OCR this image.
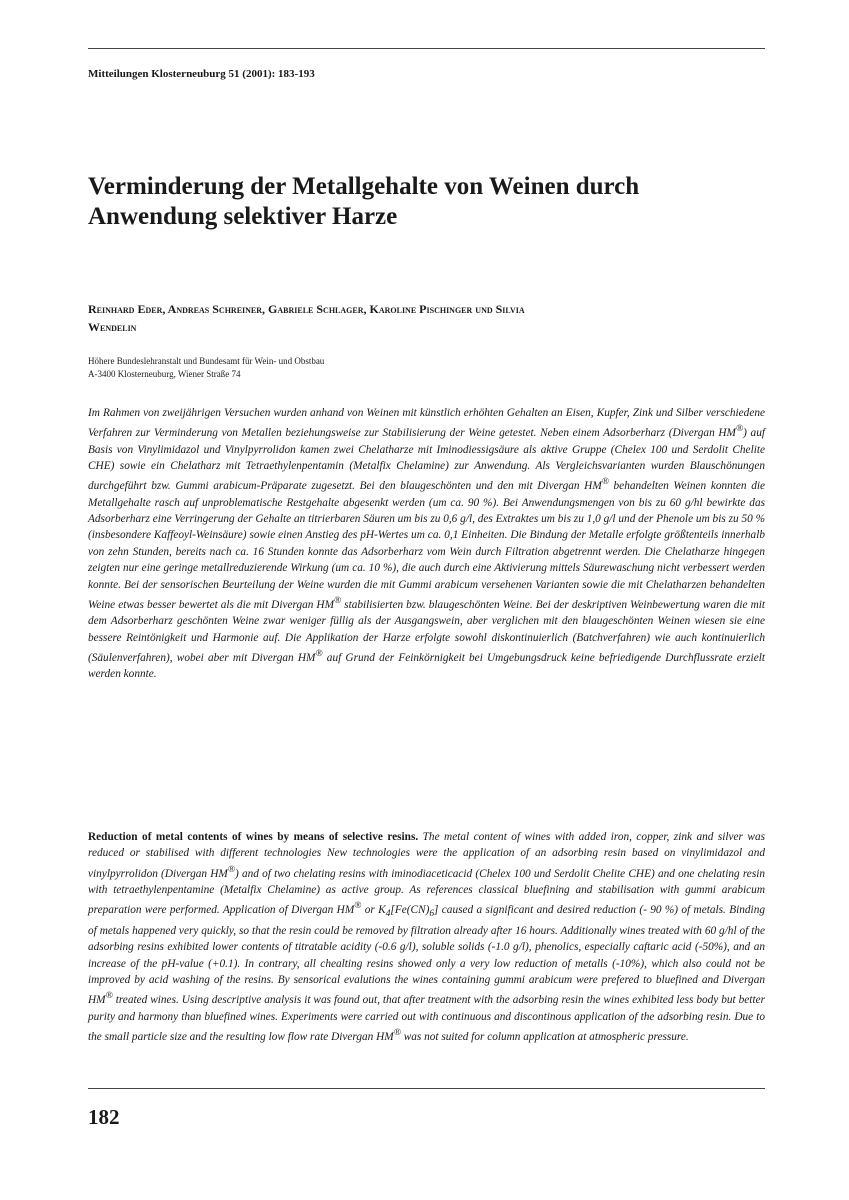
Mitteilungen Klosterneuburg 51 (2001): 183-193
Verminderung der Metallgehalte von Weinen durch
Anwendung selektiver Harze
Reinhard Eder, Andreas Schreiner, Gabriele Schlager, Karoline Pischinger und Silvia
Wendelin
Höhere Bundeslehranstalt und Bundesamt für Wein- und Obstbau
A-3400 Klosterneuburg, Wiener Straße 74

Im Rahmen von zweijährigen Versuchen wurden anhand von Weinen mit künstlich erhöhten Gehalten an Eisen, Kupfer, Zink und Silber verschiedene Verfahren zur Verminderung von Metallen beziehungsweise zur Stabilisierung der Weine getestet. Neben einem Adsorberharz (Divergan HM®) auf Basis von Vinylimidazol und Vinylpyrrolidon kamen zwei Chelatharze mit Iminodiessigsäure als aktive Gruppe (Chelex 100 und Serdolit Chelite CHE) sowie ein Chelatharz mit Tetraethylenpentamin (Metalfix Chelamine) zur Anwendung. Als Vergleichsvarianten wurden Blauschönungen durchgeführt bzw. Gummi arabicum-Präparate zugesetzt. Bei den blaugeschönten und den mit Divergan HM® behandelten Weinen konnten die Metallgehalte rasch auf unproblematische Restgehalte abgesenkt werden (um ca. 90 %). Bei Anwendungsmengen von bis zu 60 g/hl bewirkte das Adsorberharz eine Verringerung der Gehalte an titrierbaren Säuren um bis zu 0,6 g/l, des Extraktes um bis zu 1,0 g/l und der Phenole um bis zu 50 % (insbesondere Kaffeoyl-Weinsäure) sowie einen Anstieg des pH-Wertes um ca. 0,1 Einheiten. Die Bindung der Metalle erfolgte größtenteils innerhalb von zehn Stunden, bereits nach ca. 16 Stunden konnte das Adsorberharz vom Wein durch Filtration abgetrennt werden. Die Chelatharze hingegen zeigten nur eine geringe metallreduzierende Wirkung (um ca. 10 %), die auch durch eine Aktivierung mittels Säurewaschung nicht verbessert werden konnte. Bei der sensorischen Beurteilung der Weine wurden die mit Gummi arabicum versehenen Varianten sowie die mit Chelatharzen behandelten Weine etwas besser bewertet als die mit Divergan HM® stabilisierten bzw. blaugeschönten Weine. Bei der deskriptiven Weinbewertung waren die mit dem Adsorberharz geschönten Weine zwar weniger füllig als der Ausgangswein, aber verglichen mit den blaugeschönten Weinen wiesen sie eine bessere Reintönigkeit und Harmonie auf. Die Applikation der Harze erfolgte sowohl diskontinuierlich (Batchverfahren) wie auch kontinuierlich (Säulenverfahren), wobei aber mit Divergan HM® auf Grund der Feinkörnigkeit bei Umgebungsdruck keine befriedigende Durchflussrate erzielt werden konnte.

Reduction of metal contents of wines by means of selective resins. The metal content of wines with added iron, copper, zink and silver was reduced or stabilised with different technologies New technologies were the application of an adsorbing resin based on vinylimidazol and vinylpyrrolidon (Divergan HM®) and of two chelating resins with iminodiaceticacid (Chelex 100 und Serdolit Chelite CHE) and one chelating resin with tetraethylenpentamine (Metalfix Chelamine) as active group. As references classical bluefining and stabilisation with gummi arabicum preparation were performed. Application of Divergan HM® or $K_4[Fe(CN)_6]$ caused a significant and desired reduction (- 90 %) of metals. Binding of metals happened very quickly, so that the resin could be removed by filtration already after 16 hours. Additionally wines treated with 60 g/hl of the adsorbing resins exhibited lower contents of titratable acidity (-0.6 g/l), soluble solids (-1.0 g/l), phenolics, especially caftaric acid (-50%), and an increase of the pH-value (+0.1). In contrary, all chealting resins showed only a very low reduction of metalls (-10%), which also could not be improved by acid washing of the resins. By sensorical evalutions the wines containing gummi arabicum were prefered to bluefined and Divergan HM® treated wines. Using descriptive analysis it was found out, that after treatment with the adsorbing resin the wines exhibited less body but better purity and harmony than bluefined wines. Experiments were carried out with continuous and discontinous application of the adsorbing resin. Due to the small particle size and the resulting low flow rate Divergan HM® was not suited for column application at atmospheric pressure.

182
